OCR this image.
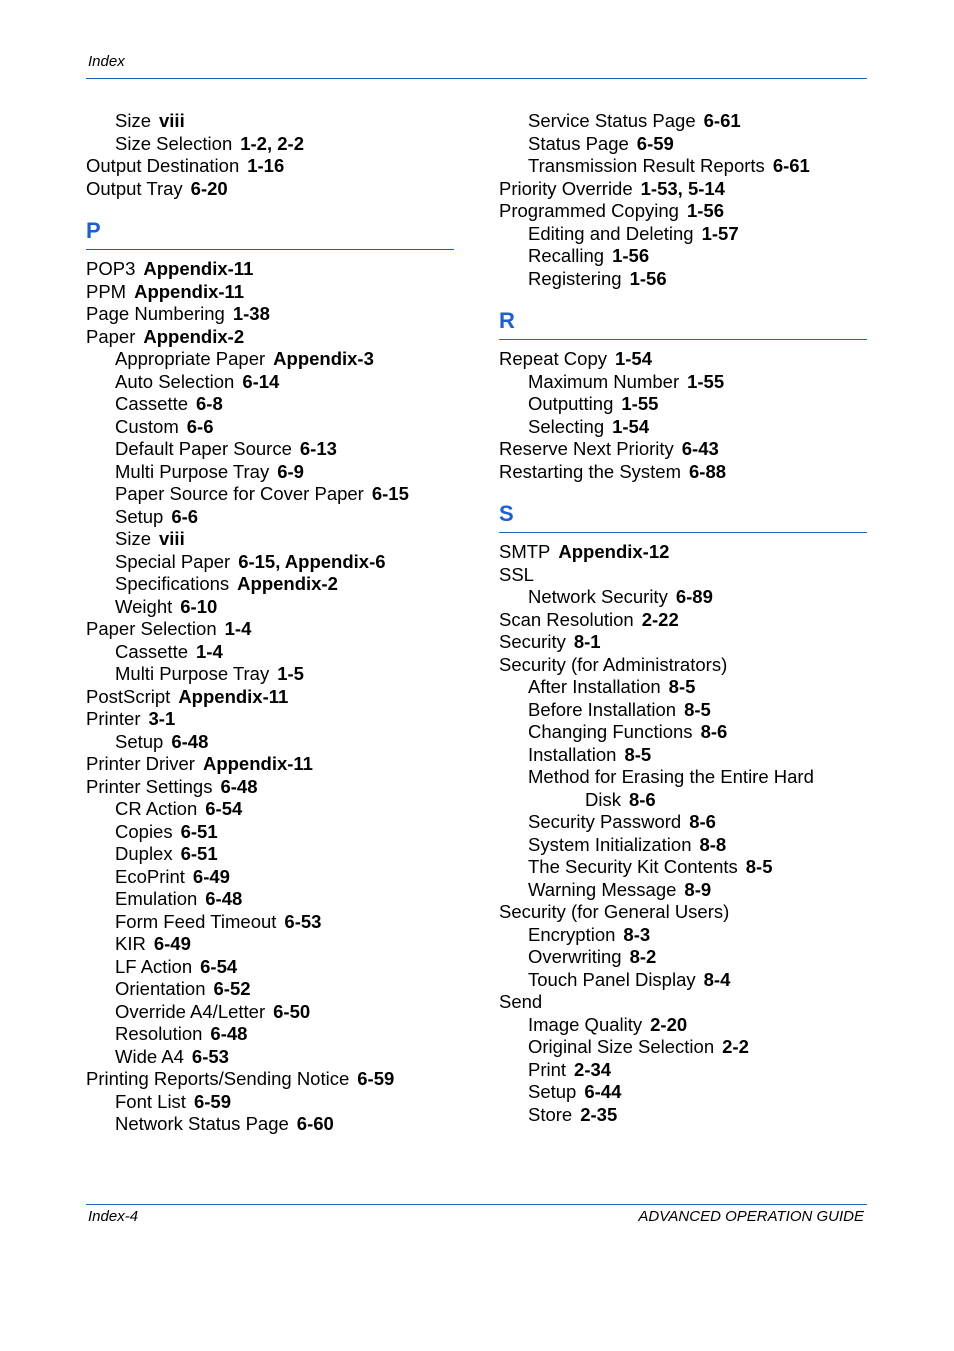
Index
Size viii
Size Selection 1-2, 2-2
Output Destination 1-16
Output Tray 6-20
P
POP3 Appendix-11
PPM Appendix-11
Page Numbering 1-38
Paper Appendix-2
Appropriate Paper Appendix-3
Auto Selection 6-14
Cassette 6-8
Custom 6-6
Default Paper Source 6-13
Multi Purpose Tray 6-9
Paper Source for Cover Paper 6-15
Setup 6-6
Size viii
Special Paper 6-15, Appendix-6
Specifications Appendix-2
Weight 6-10
Paper Selection 1-4
Cassette 1-4
Multi Purpose Tray 1-5
PostScript Appendix-11
Printer 3-1
Setup 6-48
Printer Driver Appendix-11
Printer Settings 6-48
CR Action 6-54
Copies 6-51
Duplex 6-51
EcoPrint 6-49
Emulation 6-48
Form Feed Timeout 6-53
KIR 6-49
LF Action 6-54
Orientation 6-52
Override A4/Letter 6-50
Resolution 6-48
Wide A4 6-53
Printing Reports/Sending Notice 6-59
Font List 6-59
Network Status Page 6-60
Service Status Page 6-61
Status Page 6-59
Transmission Result Reports 6-61
Priority Override 1-53, 5-14
Programmed Copying 1-56
Editing and Deleting 1-57
Recalling 1-56
Registering 1-56
R
Repeat Copy 1-54
Maximum Number 1-55
Outputting 1-55
Selecting 1-54
Reserve Next Priority 6-43
Restarting the System 6-88
S
SMTP Appendix-12
SSL
Network Security 6-89
Scan Resolution 2-22
Security 8-1
Security (for Administrators)
After Installation 8-5
Before Installation 8-5
Changing Functions 8-6
Installation 8-5
Method for Erasing the Entire Hard
Disk 8-6
Security Password 8-6
System Initialization 8-8
The Security Kit Contents 8-5
Warning Message 8-9
Security (for General Users)
Encryption 8-3
Overwriting 8-2
Touch Panel Display 8-4
Send
Image Quality 2-20
Original Size Selection 2-2
Print 2-34
Setup 6-44
Store 2-35
Index-4	ADVANCED OPERATION GUIDE
